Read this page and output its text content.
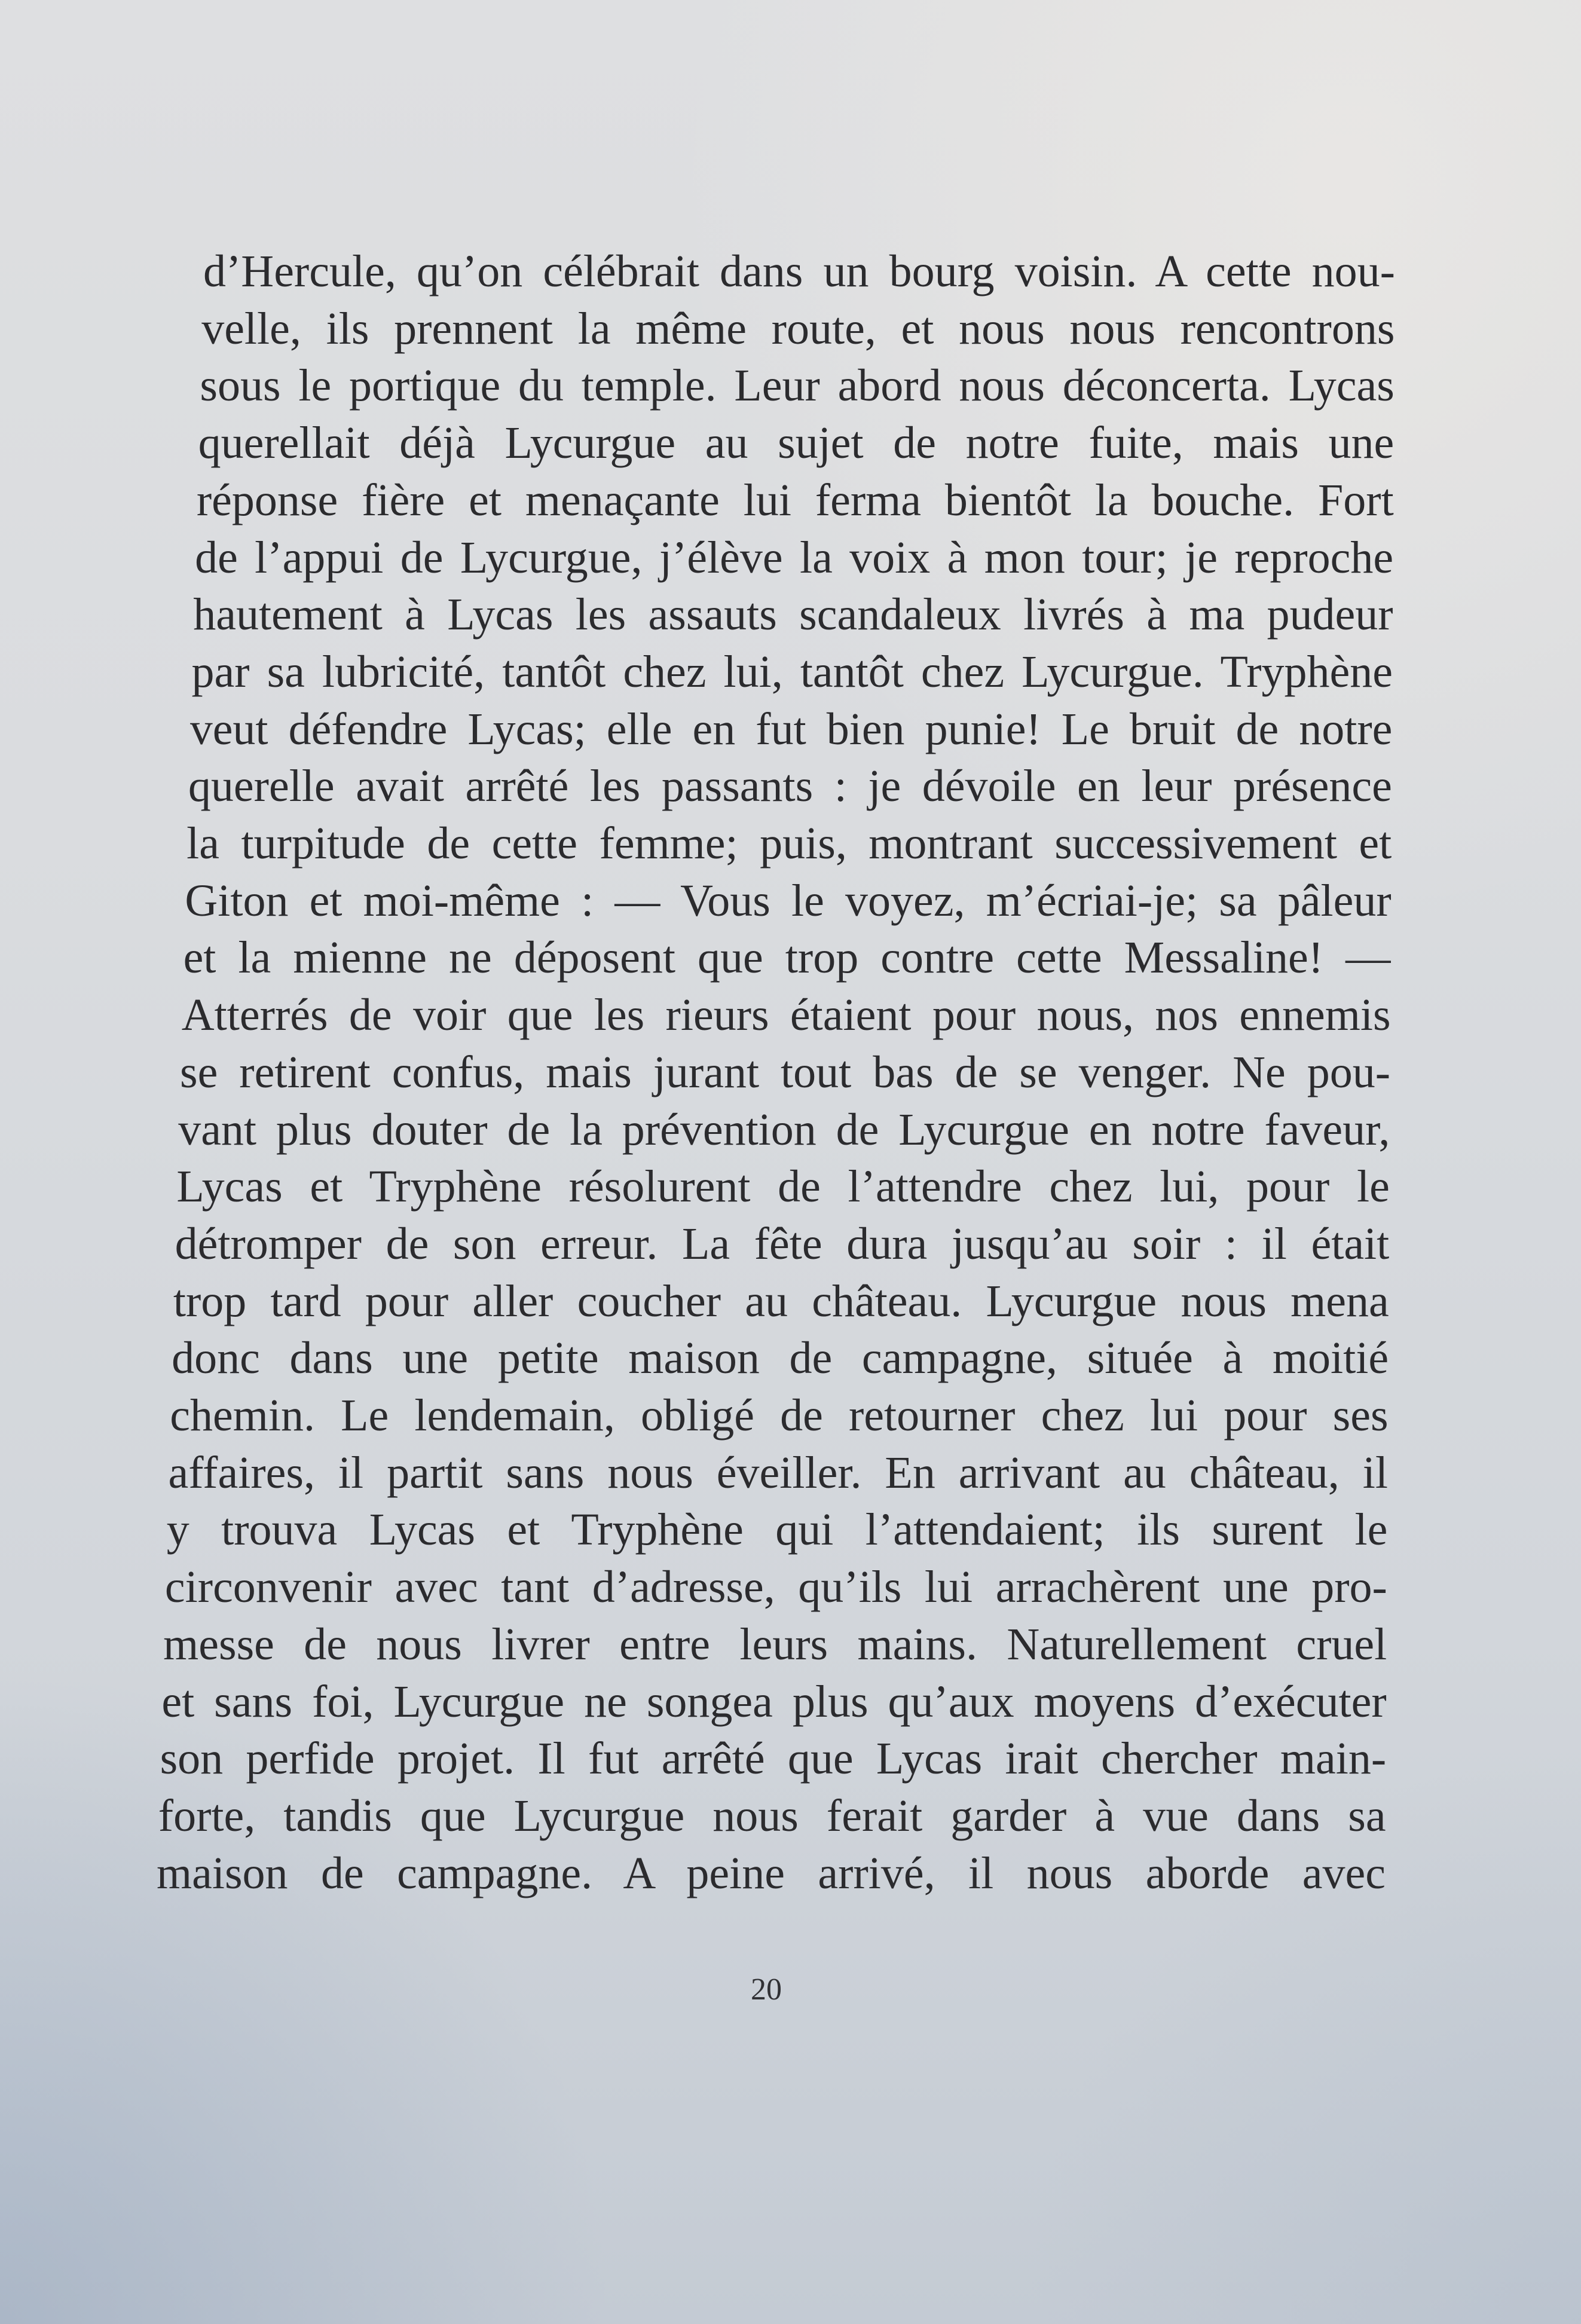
d’Hercule, qu’on célébrait dans un bourg voisin. A cette nou-
velle, ils prennent la même route, et nous nous rencontrons
sous le portique du temple. Leur abord nous déconcerta. Lycas
querellait déjà Lycurgue au sujet de notre fuite, mais une
réponse fière et menaçante lui ferma bientôt la bouche. Fort
de l’appui de Lycurgue, j’élève la voix à mon tour; je reproche
hautement à Lycas les assauts scandaleux livrés à ma pudeur
par sa lubricité, tantôt chez lui, tantôt chez Lycurgue. Tryphène
veut défendre Lycas; elle en fut bien punie! Le bruit de notre
querelle avait arrêté les passants : je dévoile en leur présence
la turpitude de cette femme; puis, montrant successivement et
Giton et moi-même : — Vous le voyez, m’écriai-je; sa pâleur
et la mienne ne déposent que trop contre cette Messaline! —
Atterrés de voir que les rieurs étaient pour nous, nos ennemis
se retirent confus, mais jurant tout bas de se venger. Ne pou-
vant plus douter de la prévention de Lycurgue en notre faveur,
Lycas et Tryphène résolurent de l’attendre chez lui, pour le
détromper de son erreur. La fête dura jusqu’au soir : il était
trop tard pour aller coucher au château. Lycurgue nous mena
donc dans une petite maison de campagne, située à moitié
chemin. Le lendemain, obligé de retourner chez lui pour ses
affaires, il partit sans nous éveiller. En arrivant au château, il
y trouva Lycas et Tryphène qui l’attendaient; ils surent le
circonvenir avec tant d’adresse, qu’ils lui arrachèrent une pro-
messe de nous livrer entre leurs mains. Naturellement cruel
et sans foi, Lycurgue ne songea plus qu’aux moyens d’exécuter
son perfide projet. Il fut arrêté que Lycas irait chercher main-
forte, tandis que Lycurgue nous ferait garder à vue dans sa
maison de campagne. A peine arrivé, il nous aborde avec
20
